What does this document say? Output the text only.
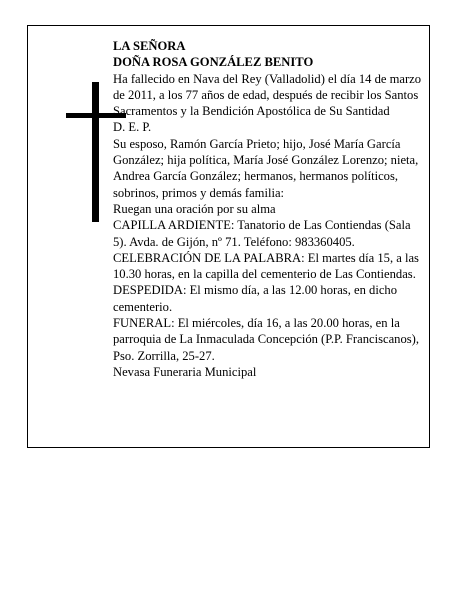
LA SEÑORA

DOÑA ROSA GONZÁLEZ BENITO

Ha fallecido en Nava del Rey (Valladolid) el día 14 de marzo de 2011, a los 77 años de edad, después de recibir los Santos Sacramentos y la Bendición Apostólica de Su Santidad

D. E. P.

Su esposo, Ramón García Prieto; hijo, José María García González; hija política, María José González Lorenzo; nieta, Andrea García González; hermanos, hermanos políticos, sobrinos, primos y demás familia:

Ruegan una oración por su alma

CAPILLA ARDIENTE: Tanatorio de Las Contiendas (Sala 5). Avda. de Gijón, nº 71. Teléfono: 983360405.

CELEBRACIÓN DE LA PALABRA: El martes día 15, a las 10.30 horas, en la capilla del cementerio de Las Contiendas.

DESPEDIDA: El mismo día, a las 12.00 horas, en dicho cementerio.

FUNERAL: El miércoles, día 16, a las 20.00 horas, en la parroquia de La Inmaculada Concepción (P.P. Franciscanos), Pso. Zorrilla, 25-27.

Nevasa Funeraria Municipal
